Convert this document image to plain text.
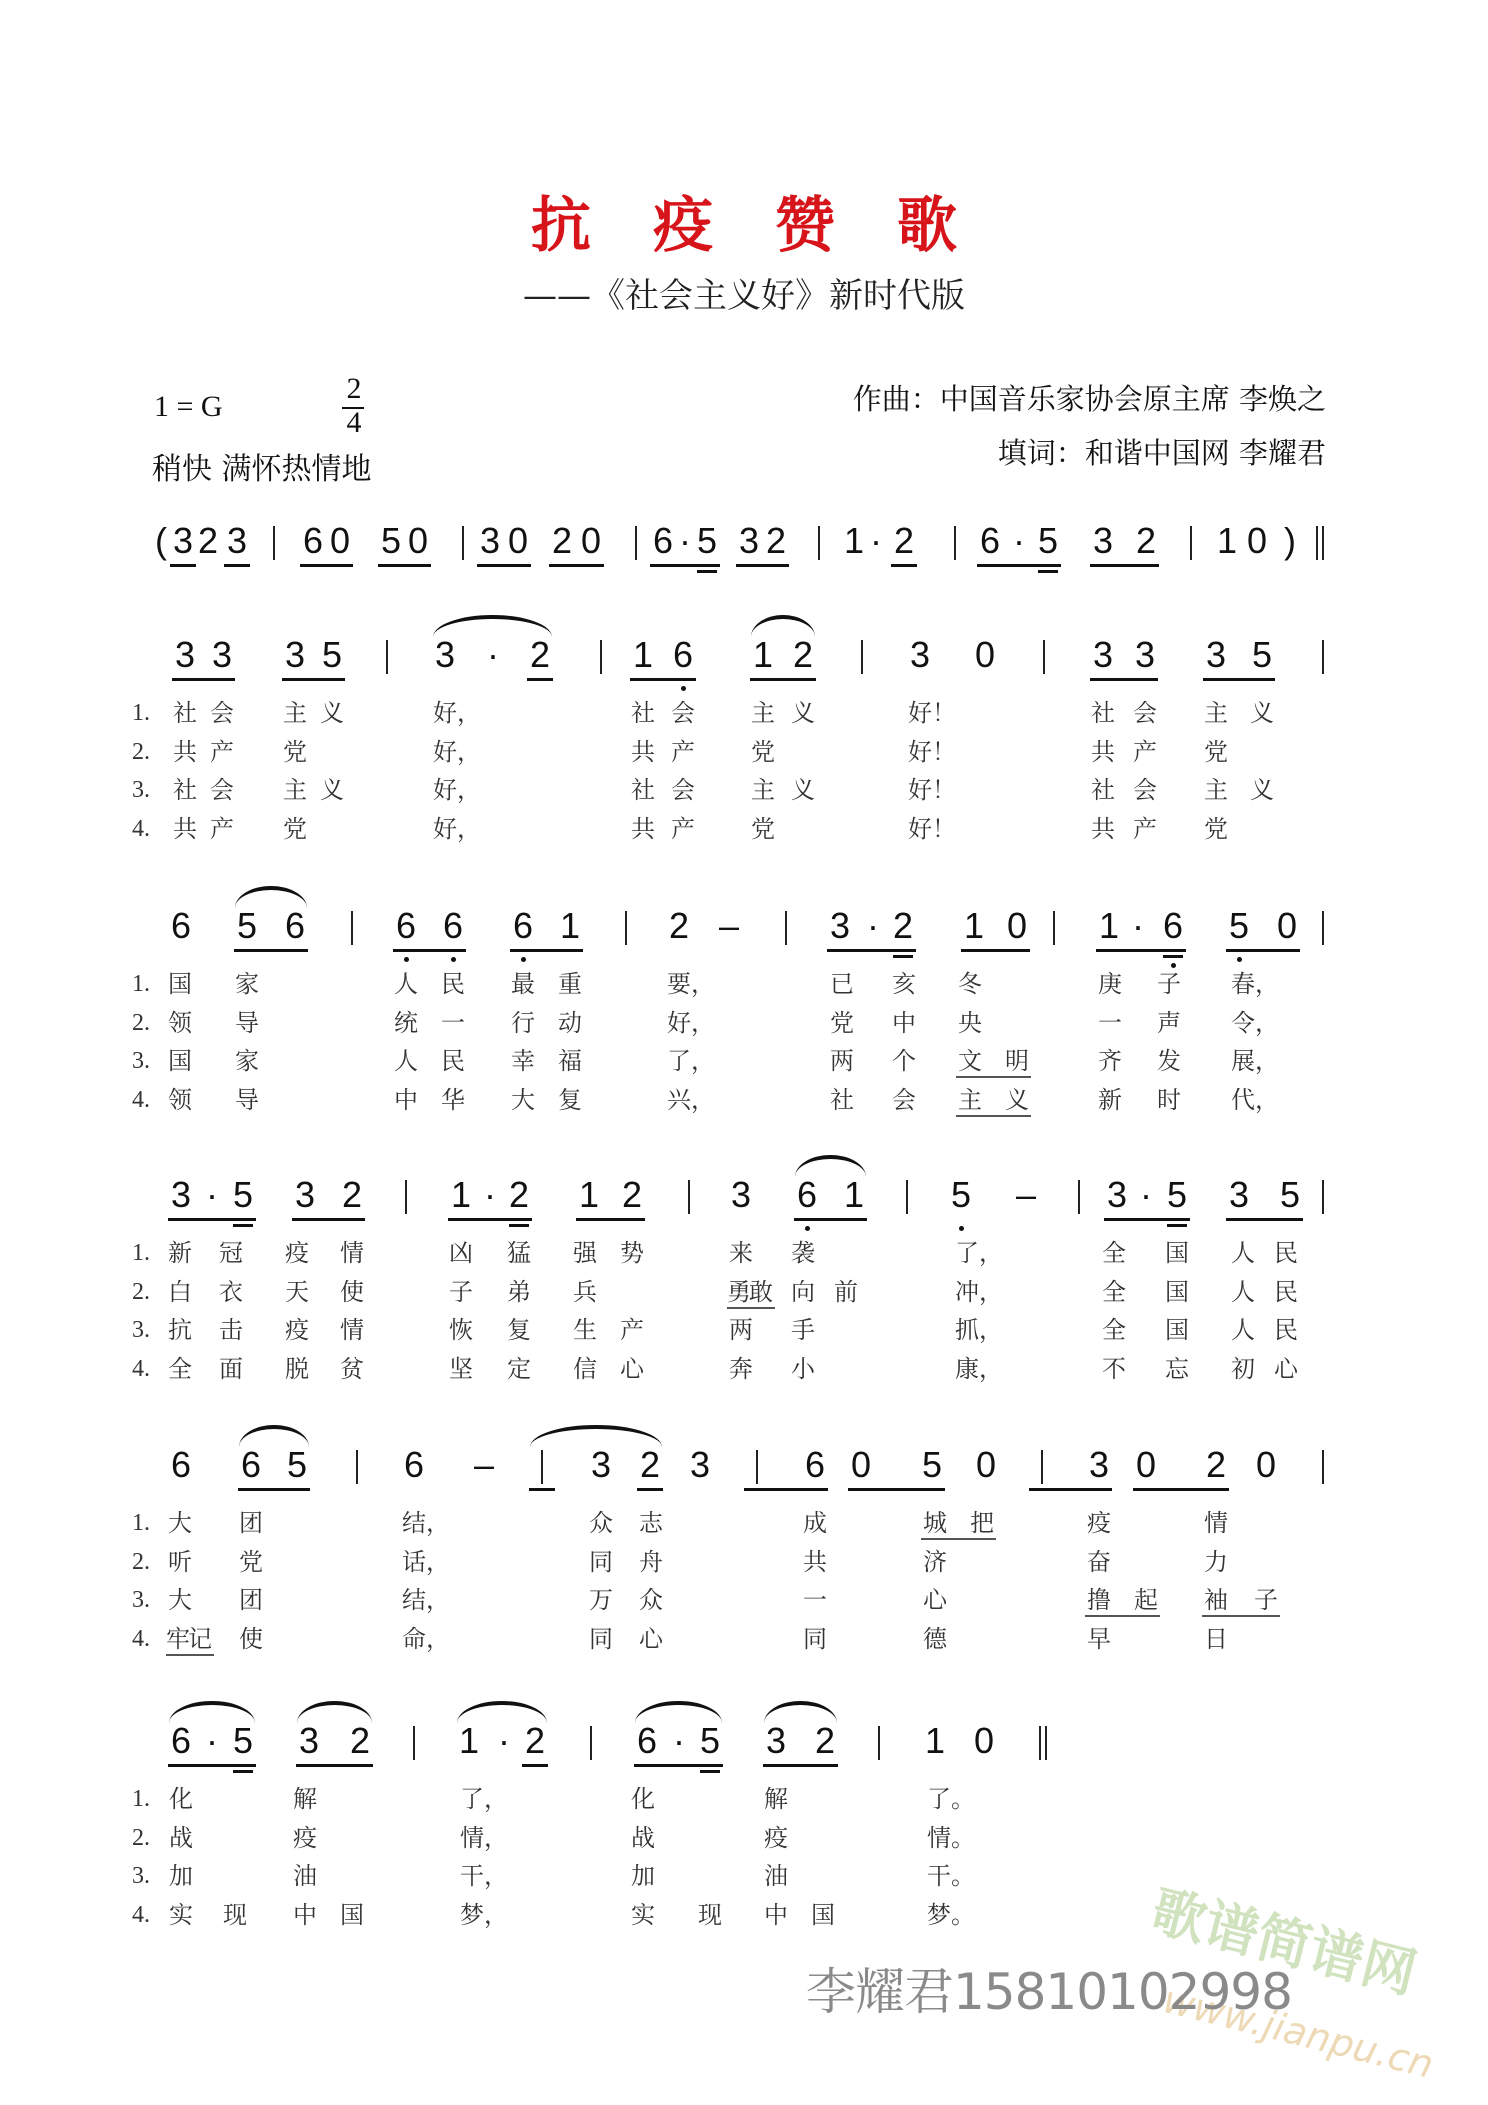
抗疫赞歌
——《社会主义好》新时代版
1 = G
2
4
稍快 满怀热情地
作曲：中国音乐家协会原主席 李焕之
填词：和谐中国网 李耀君
( 3 2 3 6 0 5 0 3 0 2 0 6 · 5 3 2 1 · 2 6 · 5 3 2 1 0 )
3 3 3 5	3 · 2 1 6 1 2	3 0	3 3 3 5
1. 社 会 主 义	好，	社 会 主 义	好！	社 会 主 义
2. 共 产 党	好，	共 产 党	好！	共 产 党
3. 社 会 主 义	好，	社 会 主 义	好！	社 会 主 义
4. 共 产 党	好，	共 产 党	好！	共 产 党
6 5 6	6 6 6 1 2 –	3 · 2 1 0 1 · 6 5 0
1. 国 家	人 民 最 重	要，	已 亥 冬	庚 子 春，
2. 领 导	统 一 行 动	好，	党 中 央	一 声 令，
3. 国 家	人 民 幸 福	了，	两 个 文 明	齐 发 展，
4. 领 导	中 华 大 复	兴，	社 会 主 义	新 时 代，
3 · 5 3 2 1 · 2 1 2 3 6 1 5 – 3 · 5 3 5
1. 新 冠 疫 情	凶 猛 强 势	来 袭	了，	全 国 人 民
2. 白 衣 天 使	子 弟 兵	勇敢 向 前	冲，	全 国 人 民
3. 抗 击 疫 情	恢 复 生 产	两 手	抓，	全 国 人 民
4. 全 面 脱 贫	坚 定 信 心	奔 小	康，	不 忘 初 心
6 6 5	6 –	3 2 3	6 0 5 0	3 0 2 0
1. 大 团	结，	众 志	成	城 把	疫	情
2. 听 党	话，	同 舟	共	济	奋	力
3. 大 团	结，	万 众	一	心	撸 起 袖 子
4. 牢记 使	命，	同 心	同	德	早	日
6 · 5 3 2 1 · 2	6 · 5 3 2 1 0
1. 化	解	了，	化	解	了。
2. 战	疫	情，	战	疫	情。
3. 加	油	干，	加	油	干。
4. 实 现 中 国	梦，	实 现 中 国	梦。	歌谱简谱网
www.jianpu.cn
李耀君15810102998
